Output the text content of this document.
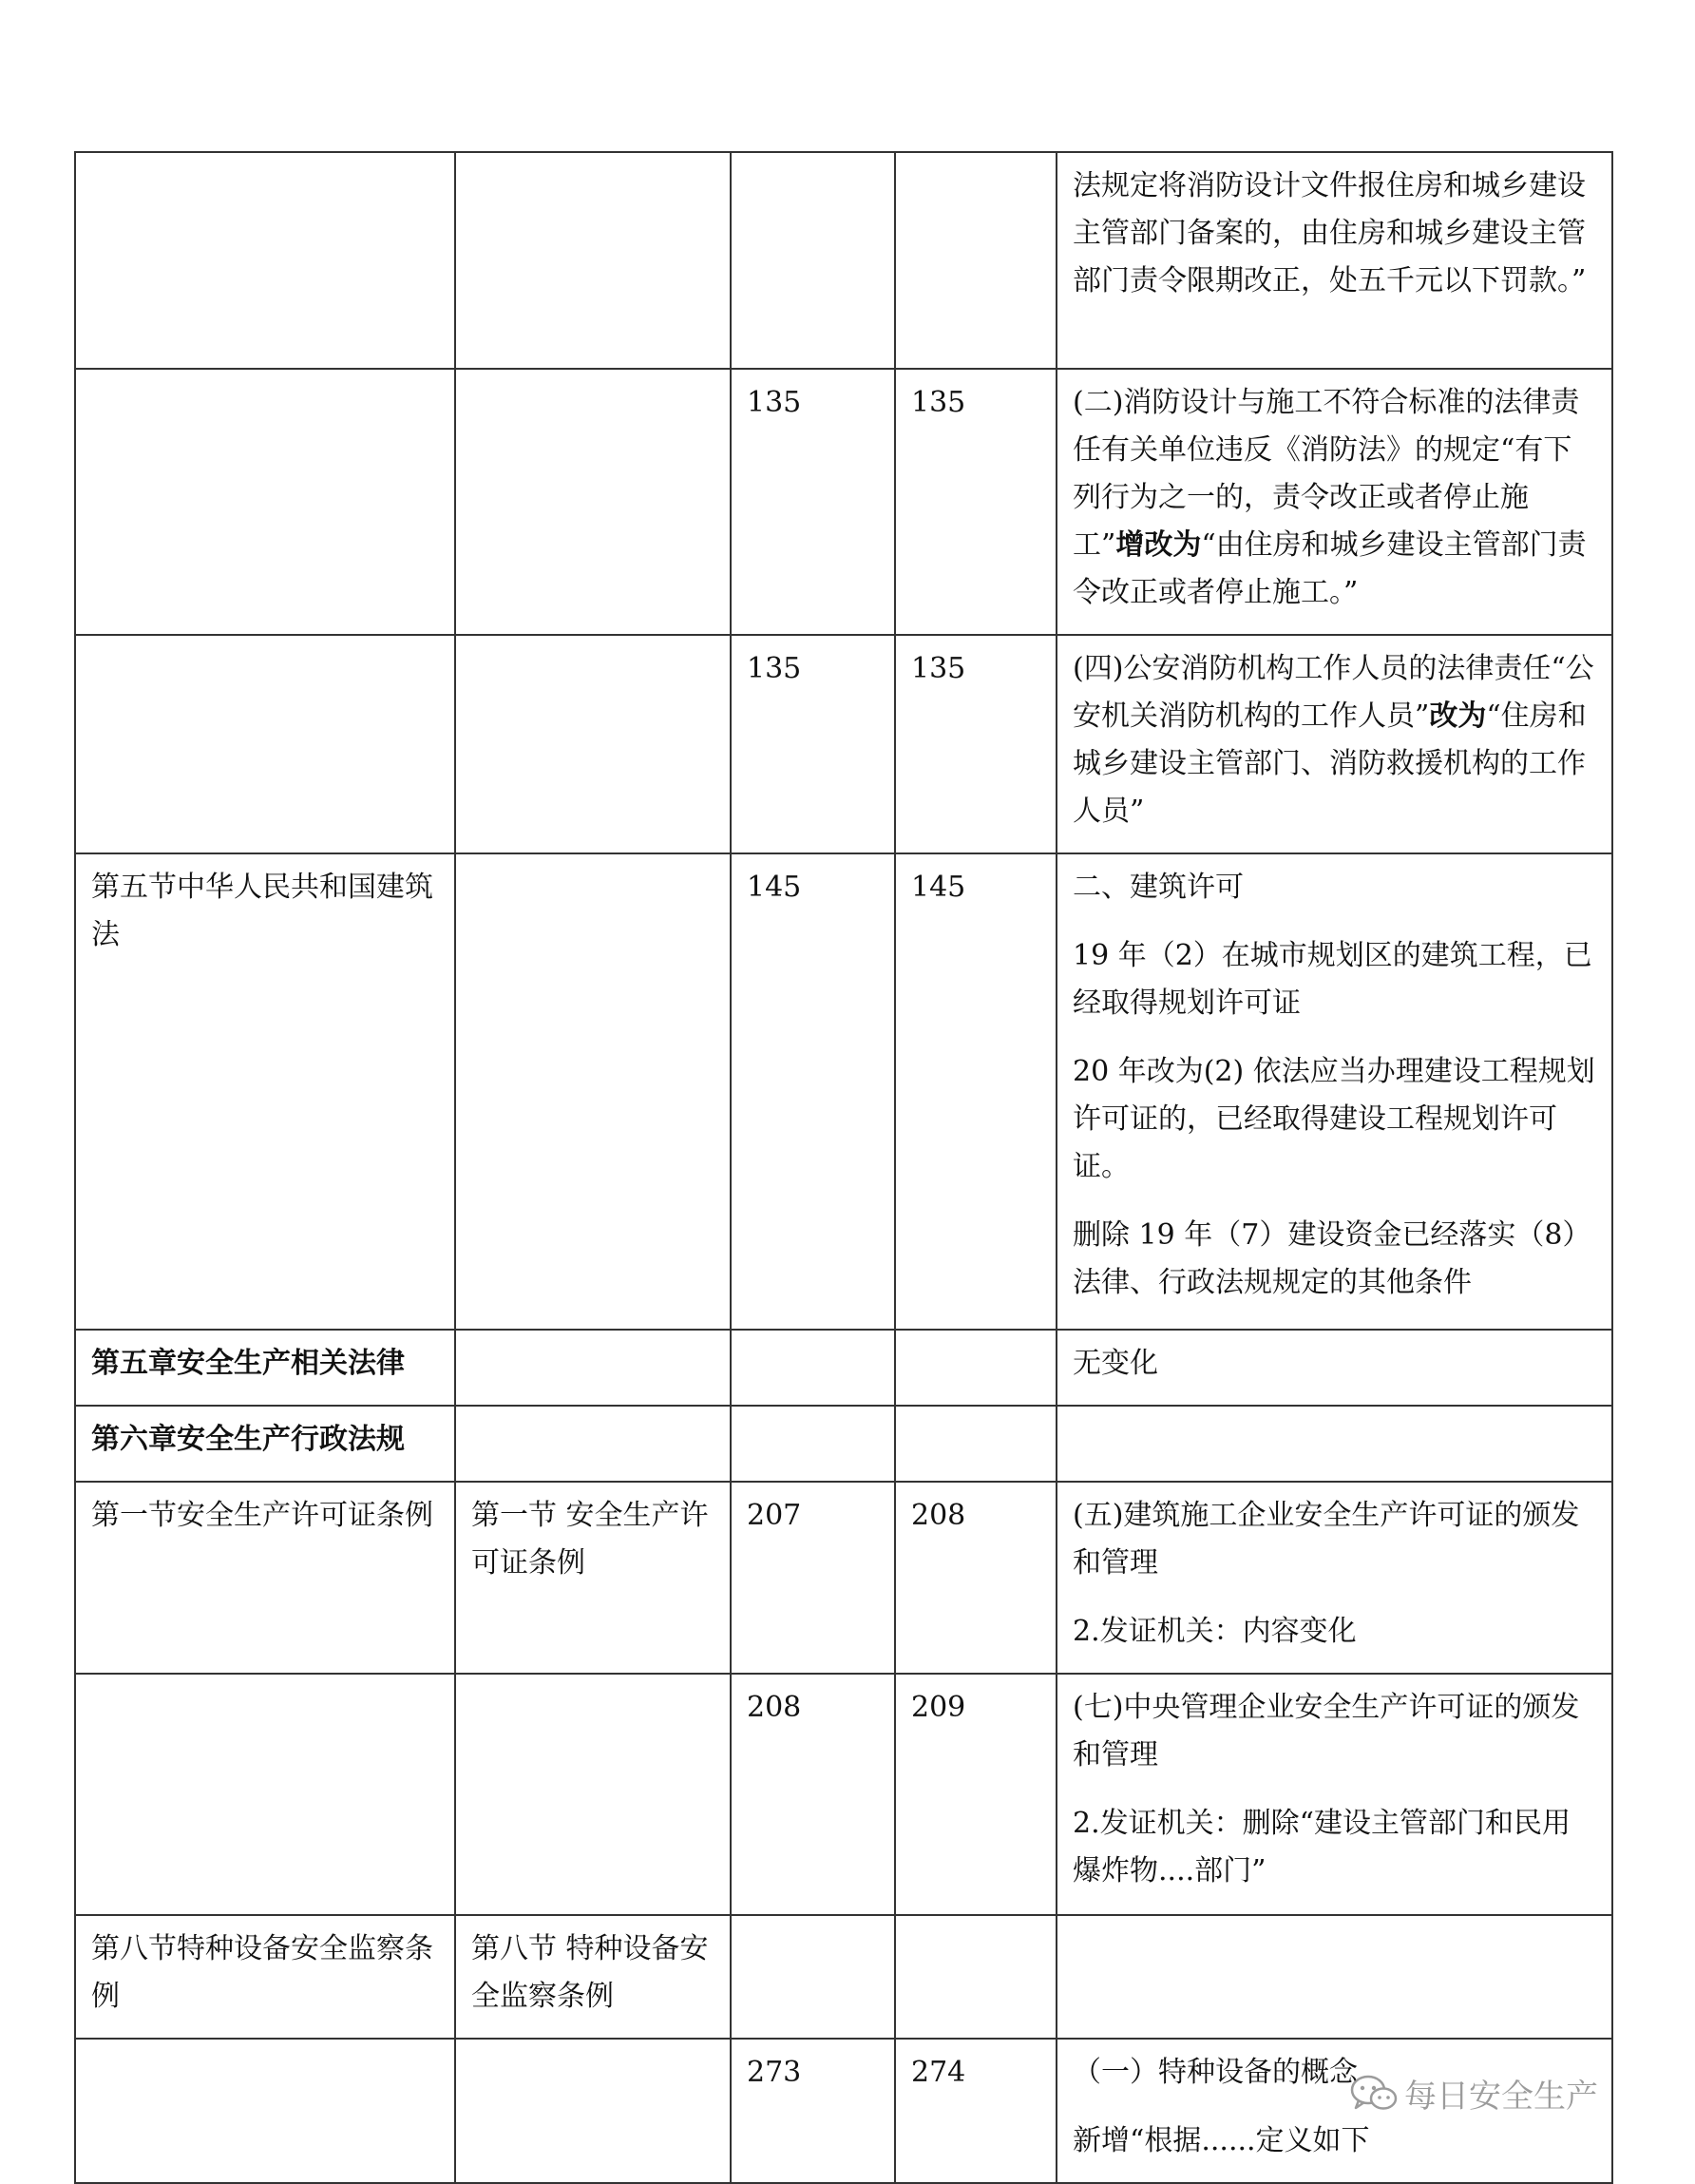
				法规定将消防设计文件报住房和城乡建设主管部门备案的，由住房和城乡建设主管部门责令限期改正，处五千元以下罚款。”

		135	135	(二)消防设计与施工不符合标准的法律责任有关单位违反《消防法》的规定“有下列行为之一的，责令改正或者停止施工”增改为“由住房和城乡建设主管部门责令改正或者停止施工。”
		135	135	(四)公安消防机构工作人员的法律责任“公安机关消防机构的工作人员”改为“住房和城乡建设主管部门、消防救援机构的工作人员”
第五节中华人民共和国建筑法		145	145	二、建筑许可
19 年（2）在城市规划区的建筑工程，已经取得规划许可证
20 年改为(2) 依法应当办理建设工程规划许可证的，已经取得建设工程规划许可证。
删除 19 年（7）建设资金已经落实（8）法律、行政法规规定的其他条件

第五章安全生产相关法律				无变化

第六章安全生产行政法规				

第一节安全生产许可证条例	第一节 安全生产许可证条例	207	208	(五)建筑施工企业安全生产许可证的颁发和管理
2.发证机关：内容变化

		208	209	(七)中央管理企业安全生产许可证的颁发和管理
2.发证机关：删除“建设主管部门和民用爆炸物....部门”

第八节特种设备安全监察条例	第八节 特种设备安全监察条例			

		273	274	（一）特种设备的概念
新增“根据......定义如下
每日安全生产
